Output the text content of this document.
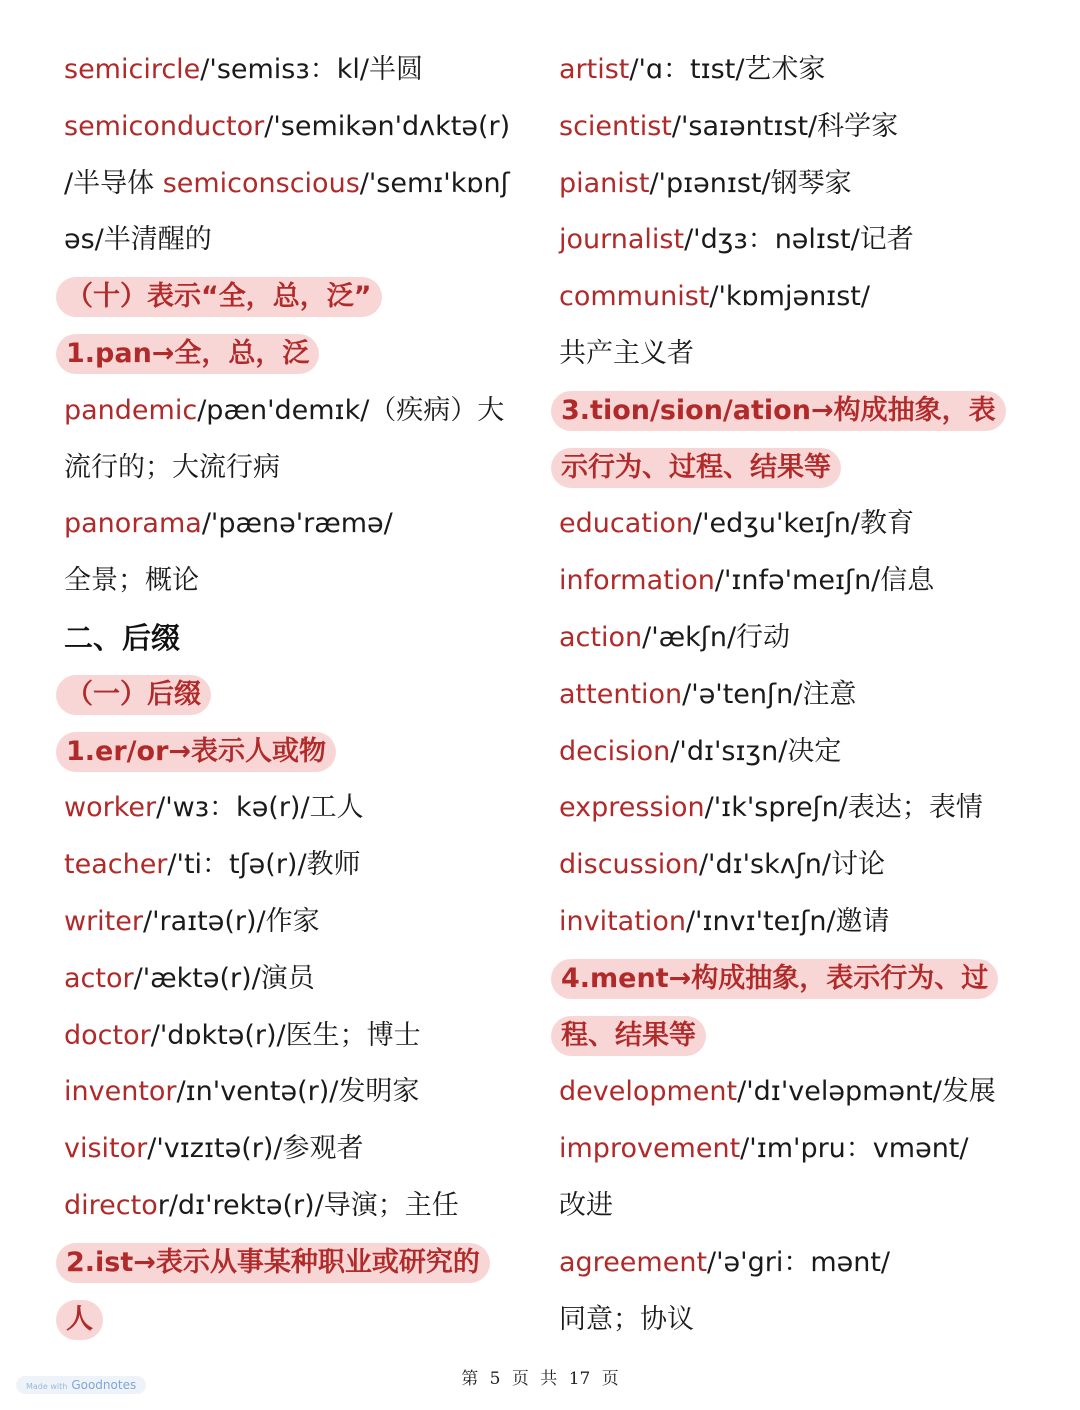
semicircle/'semisɜ：kl/半圆
semiconductor/'semikən'dʌktə(r)
/半导体 semiconscious/'semɪ'kɒnʃ
əs/半清醒的
（十）表示“全，总，泛”
1.pan→全，总，泛
pandemic/pæn'demɪk/（疾病）大
流行的；大流行病
panorama/'pænə'ræmə/
全景；概论
二、后缀
（一）后缀
1.er/or→表示人或物
worker/'wɜ：kə(r)/工人
teacher/'ti：tʃə(r)/教师
writer/'raɪtə(r)/作家
actor/'æktə(r)/演员
doctor/'dɒktə(r)/医生；博士
inventor/ɪn'ventə(r)/发明家
visitor/'vɪzɪtə(r)/参观者
director/dɪ'rektə(r)/导演；主任
2.ist→表示从事某种职业或研究的
人
artist/'ɑ：tɪst/艺术家
scientist/'saɪəntɪst/科学家
pianist/'pɪənɪst/钢琴家
journalist/'dʒɜ：nəlɪst/记者
communist/'kɒmjənɪst/
共产主义者
3.tion/sion/ation→构成抽象，表
示行为、过程、结果等
education/'edʒu'keɪʃn/教育
information/'ɪnfə'meɪʃn/信息
action/'ækʃn/行动
attention/'ə'tenʃn/注意
decision/'dɪ'sɪʒn/决定
expression/'ɪk'spreʃn/表达；表情
discussion/'dɪ'skʌʃn/讨论
invitation/'ɪnvɪ'teɪʃn/邀请
4.ment→构成抽象，表示行为、过
程、结果等
development/'dɪ'veləpmənt/发展
improvement/'ɪm'pru：vmənt/
改进
agreement/'ə'gri：mənt/
同意；协议
第 5 页 共 17 页
Made with Goodnotes
